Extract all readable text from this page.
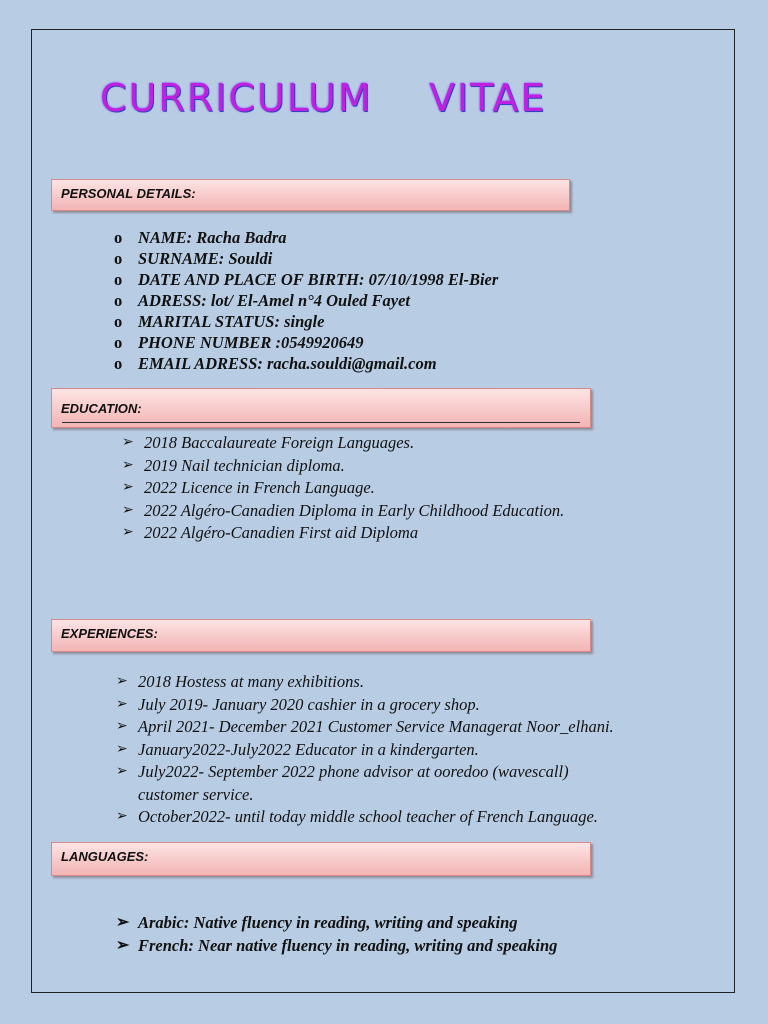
CURRICULUM    VITAE
PERSONAL DETAILS:
o NAME: Racha Badra
o SURNAME: Souldi
o DATE AND PLACE OF BIRTH: 07/10/1998 El-Bier
o ADRESS: lot/ El-Amel n°4 Ouled Fayet
o MARITAL STATUS: single
o PHONE NUMBER :0549920649
o EMAIL ADRESS: racha.souldi@gmail.com
EDUCATION:
➢ 2018 Baccalaureate Foreign Languages.
➢ 2019 Nail technician diploma.
➢ 2022 Licence in French Language.
➢ 2022 Algéro-Canadien Diploma in Early Childhood Education.
➢ 2022 Algéro-Canadien First aid Diploma
EXPERIENCES:
➢ 2018 Hostess at many exhibitions.
➢ July 2019- January 2020 cashier in a grocery shop.
➢ April 2021- December 2021 Customer Service Managerat Noor_elhani.
➢ January2022-July2022 Educator in a kindergarten.
➢ July2022- September 2022 phone advisor at ooredoo (wavescall) customer service.
➢ October2022- until today middle school teacher of French Language.
LANGUAGES:
➢ Arabic: Native fluency in reading, writing and speaking
➢ French: Near native fluency in reading, writing and speaking
